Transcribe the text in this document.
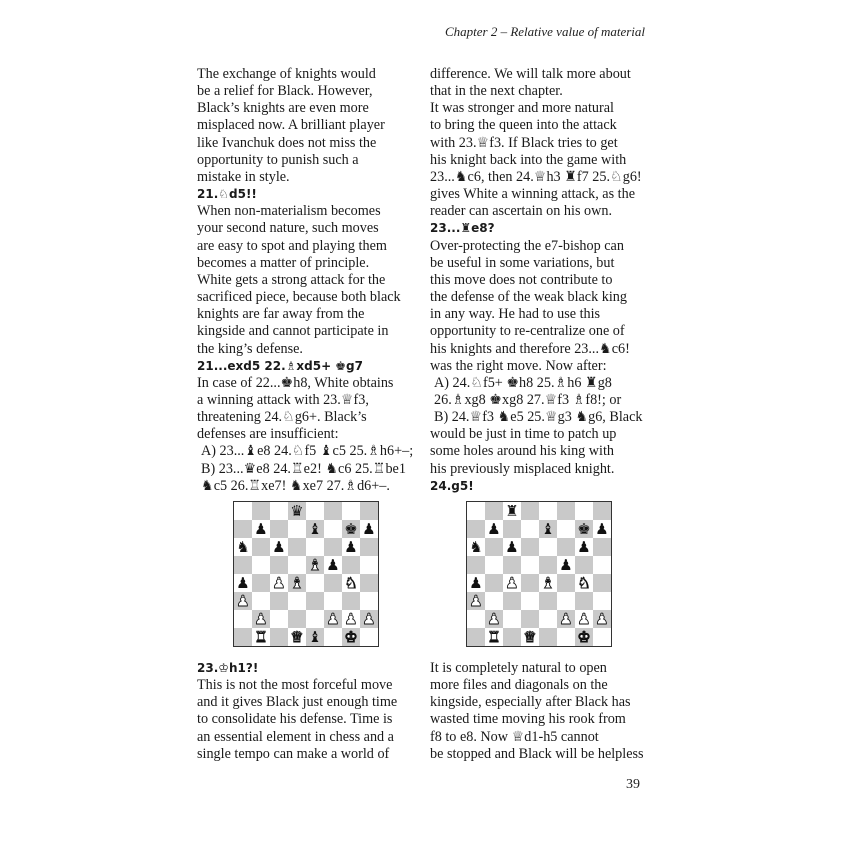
Chapter 2 – Relative value of material

The exchange of knights would

be a relief for Black. However,

Black’s knights are even more

misplaced now. A brilliant player

like Ivanchuk does not miss the

opportunity to punish such a

mistake in style.

21.♘d5!!

When non-materialism becomes

your second nature, such moves

are easy to spot and playing them

becomes a matter of principle.

White gets a strong attack for the

sacrificed piece, because both black

knights are far away from the

kingside and cannot participate in

the king’s defense.

21...exd5 22.♗xd5+ ♚g7

In case of 22...♚h8, White obtains

a winning attack with 23.♕f3,

threatening 24.♘g6+. Black’s

defenses are insufficient:

A) 23...♝e8 24.♘f5 ♝c5 25.♗h6+–;

B) 23...♛e8 24.♖e2! ♞c6 25.♖be1

♞c5 26.♖xe7! ♞xe7 27.♗d6+–.

difference. We will talk more about

that in the next chapter.

It was stronger and more natural

to bring the queen into the attack

with 23.♕f3. If Black tries to get

his knight back into the game with

23...♞c6, then 24.♕h3 ♜f7 25.♘g6!

gives White a winning attack, as the

reader can ascertain on his own.

23...♜e8?

Over-protecting the e7-bishop can

be useful in some variations, but

this move does not contribute to

the defense of the weak black king

in any way. He had to use this

opportunity to re-centralize one of

his knights and therefore 23...♞c6!

was the right move. Now after:

A) 24.♘f5+ ♚h8 25.♗h6 ♜g8

26.♗xg8 ♚xg8 27.♕f3 ♗f8!; or

B) 24.♕f3 ♞e5 25.♕g3 ♞g6, Black

would be just in time to patch up

some holes around his king with

his previously misplaced knight.

24.g5!

♛
♟	♝ ♚ ♟
♞ ♟	♟
♝ ♟
♟ ♟ ♝	♞
♟
♟	♟ ♟ ♟
♜ ♛ ♝ ♚
♜
♟	♝ ♚ ♟
♞ ♟	♟
♟
♟ ♟ ♝ ♞
♟
♟	♟ ♟ ♟
♜ ♛	♚

23.♔h1?!

This is not the most forceful move

and it gives Black just enough time

to consolidate his defense. Time is

an essential element in chess and a

single tempo can make a world of

It is completely natural to open

more files and diagonals on the

kingside, especially after Black has

wasted time moving his rook from

f8 to e8. Now ♕d1-h5 cannot

be stopped and Black will be helpless

39
